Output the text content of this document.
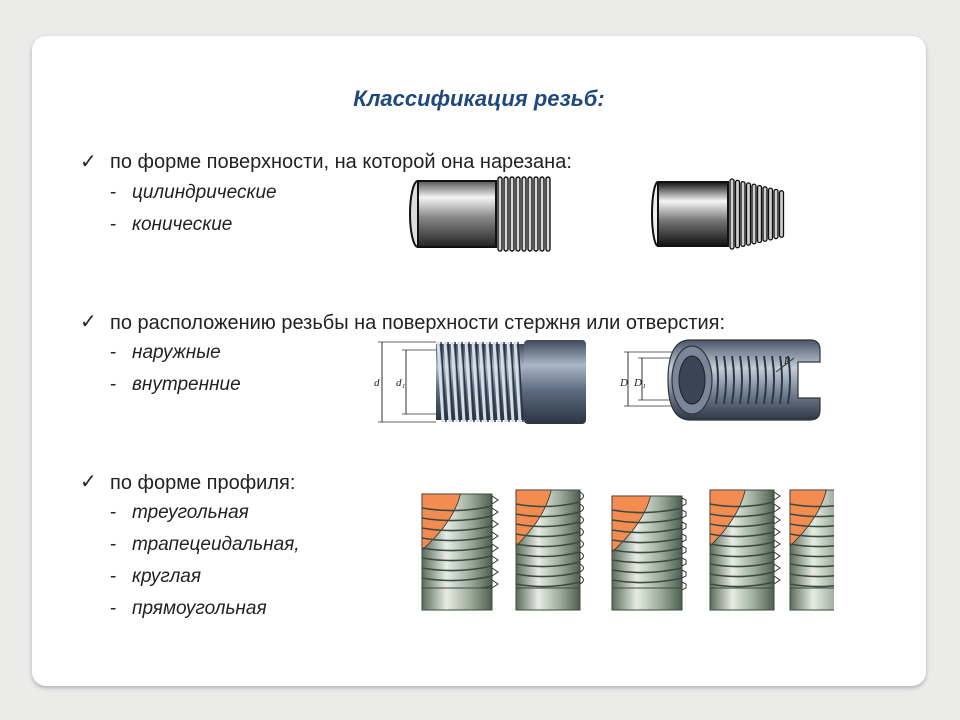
Классификация резьб:
✓ по форме поверхности, на которой она нарезана:
- цилиндрические
- конические
✓ по расположению резьбы на поверхности стержня или отверстия:
- наружные
- внутренние
✓ по форме профиля:
- треугольная
- трапецеидальная,
- круглая
- прямоугольная
d d₁	D D₁
P
